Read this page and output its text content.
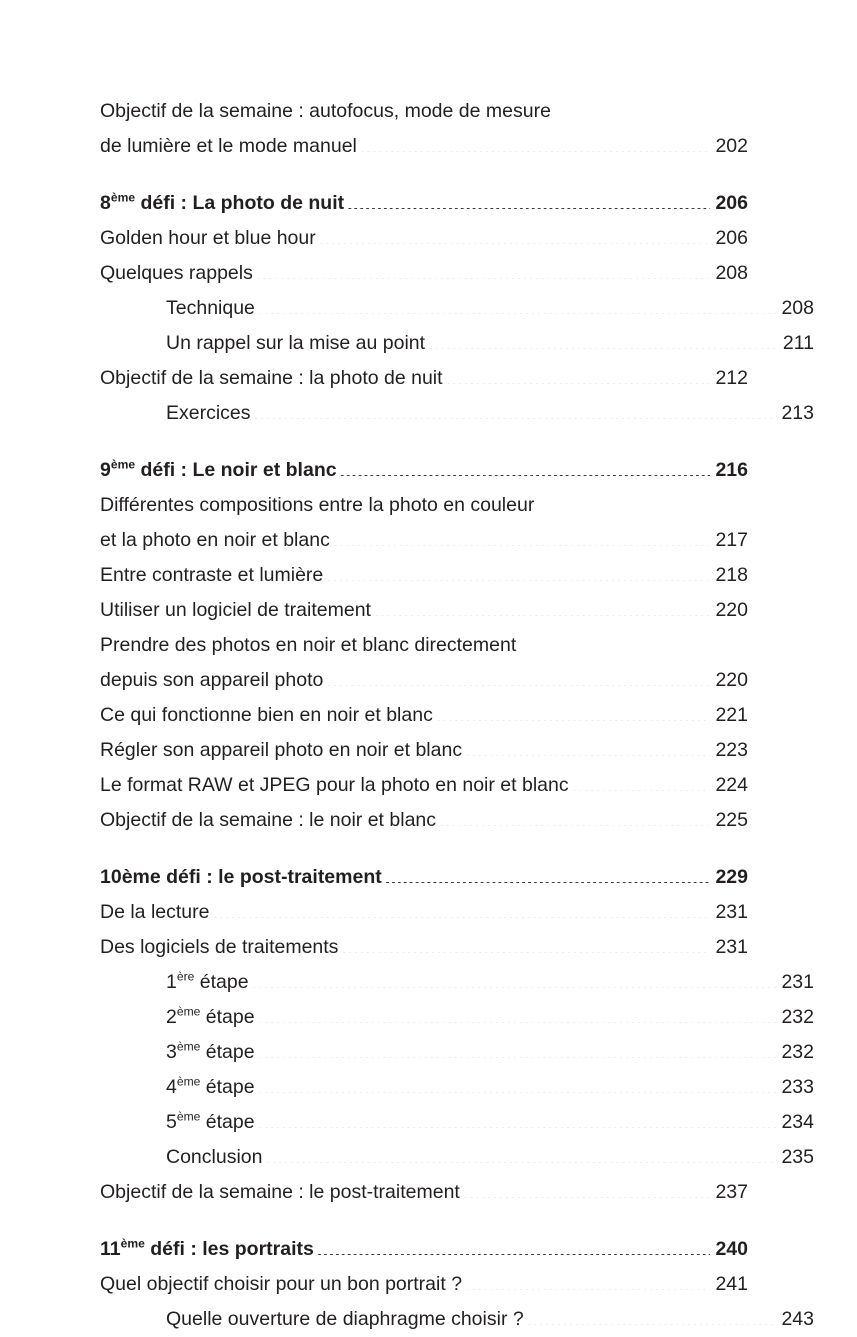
Objectif de la semaine : autofocus, mode de mesure
de lumière et le mode manuel .....	202
8ème défi : La photo de nuit .....	206
Golden hour et blue hour .....	206
Quelques rappels .....	208
Technique .....	208
Un rappel sur la mise au point .....	211
Objectif de la semaine : la photo de nuit .....	212
Exercices .....	213
9ème défi : Le noir et blanc .....	216
Différentes compositions entre la photo en couleur
et la photo en noir et blanc .....	217
Entre contraste et lumière .....	218
Utiliser un logiciel de traitement .....	220
Prendre des photos en noir et blanc directement
depuis son appareil photo .....	220
Ce qui fonctionne bien en noir et blanc .....	221
Régler son appareil photo en noir et blanc .....	223
Le format RAW et JPEG pour la photo en noir et blanc .....	224
Objectif de la semaine : le noir et blanc .....	225
10ème défi : le post-traitement .....	229
De la lecture .....	231
Des logiciels de traitements .....	231
1ère étape .....	231
2ème étape .....	232
3ème étape .....	232
4ème étape .....	233
5ème étape .....	234
Conclusion .....	235
Objectif de la semaine : le post-traitement .....	237
11ème défi : les portraits .....	240
Quel objectif choisir pour un bon portrait ? .....	241
Quelle ouverture de diaphragme choisir ? .....	243
